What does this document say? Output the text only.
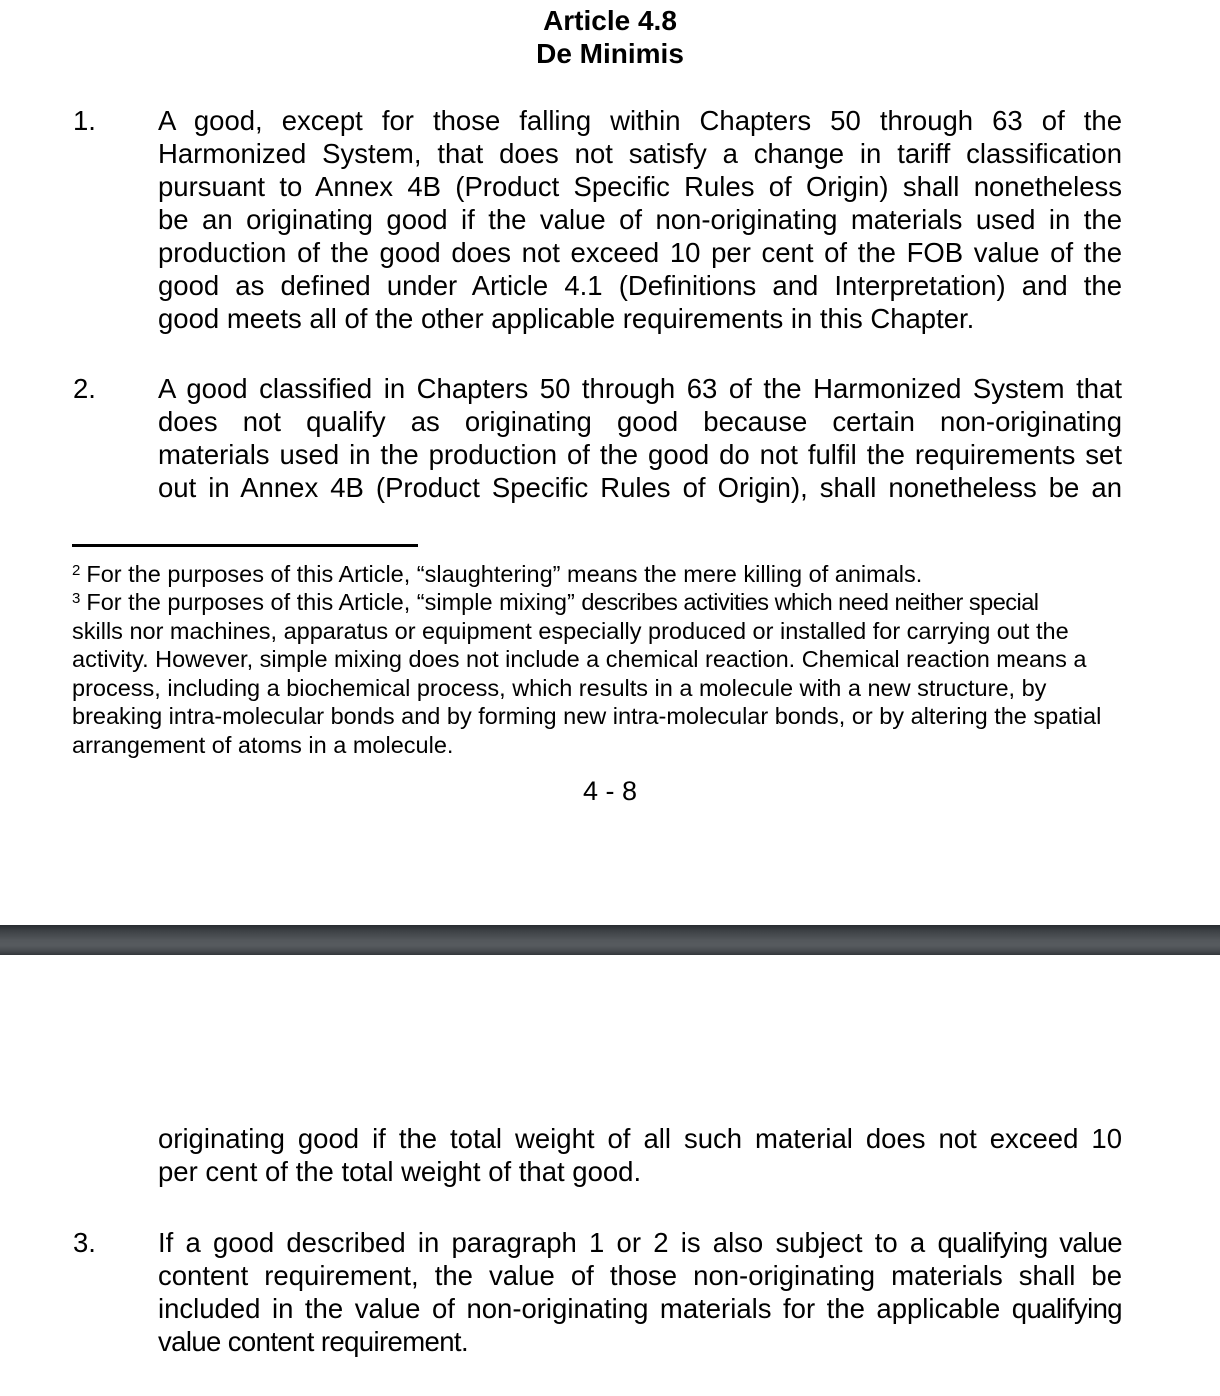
Article 4.8
De Minimis
1. A good, except for those falling within Chapters 50 through 63 of the
Harmonized System, that does not satisfy a change in tariff classification
pursuant to Annex 4B (Product Specific Rules of Origin) shall nonetheless
be an originating good if the value of non-originating materials used in the
production of the good does not exceed 10 per cent of the FOB value of the
good as defined under Article 4.1 (Definitions and Interpretation) and the
good meets all of the other applicable requirements in this Chapter.
2. A good classified in Chapters 50 through 63 of the Harmonized System that
does not qualify as originating good because certain non-originating
materials used in the production of the good do not fulfil the requirements set
out in Annex 4B (Product Specific Rules of Origin), shall nonetheless be an
$^2$ For the purposes of this Article, “slaughtering” means the mere killing of animals.
$^3$ For the purposes of this Article, “simple mixing” describes activities which need neither special
skills nor machines, apparatus or equipment especially produced or installed for carrying out the
activity. However, simple mixing does not include a chemical reaction. Chemical reaction means a
process, including a biochemical process, which results in a molecule with a new structure, by
breaking intra-molecular bonds and by forming new intra-molecular bonds, or by altering the spatial
arrangement of atoms in a molecule.
4 - 8
originating good if the total weight of all such material does not exceed 10
per cent of the total weight of that good.
3. If a good described in paragraph 1 or 2 is also subject to a qualifying value
content requirement, the value of those non-originating materials shall be
included in the value of non-originating materials for the applicable qualifying
value content requirement.
